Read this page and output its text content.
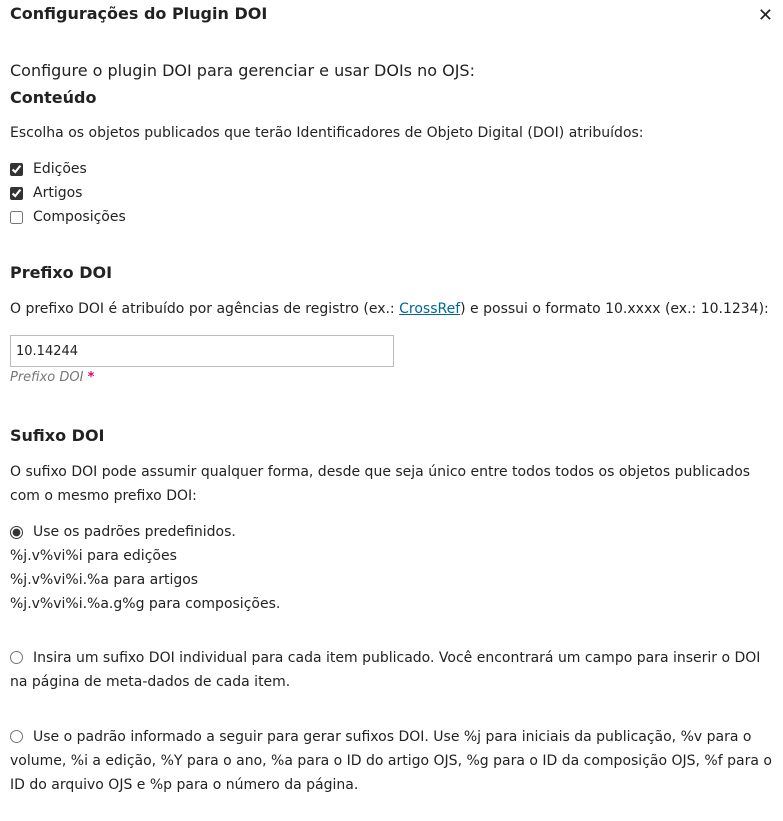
Configurações do Plugin DOI	✕

Configure o plugin DOI para gerenciar e usar DOIs no OJS:

Conteúdo

Escolha os objetos publicados que terão Identificadores de Objeto Digital (DOI) atribuídos:

Edições
Artigos
Composições
Prefixo DOI

O prefixo DOI é atribuído por agências de registro (ex.: CrossRef) e possui o formato 10.xxxx (ex.: 10.1234):

10.14244
Prefixo DOI *
Sufixo DOI

O sufixo DOI pode assumir qualquer forma, desde que seja único entre todos todos os objetos publicados com o mesmo prefixo DOI:

Use os padrões predefinidos.
%j.v%vi%i para edições
%j.v%vi%i.%a para artigos
%j.v%vi%i.%a.g%g para composições.
Insira um sufixo DOI individual para cada item publicado. Você encontrará um campo para inserir o DOI na página de meta-dados de cada item.
Use o padrão informado a seguir para gerar sufixos DOI. Use %j para iniciais da publicação, %v para o volume, %i a edição, %Y para o ano, %a para o ID do artigo OJS, %g para o ID da composição OJS, %f para o ID do arquivo OJS e %p para o número da página.
